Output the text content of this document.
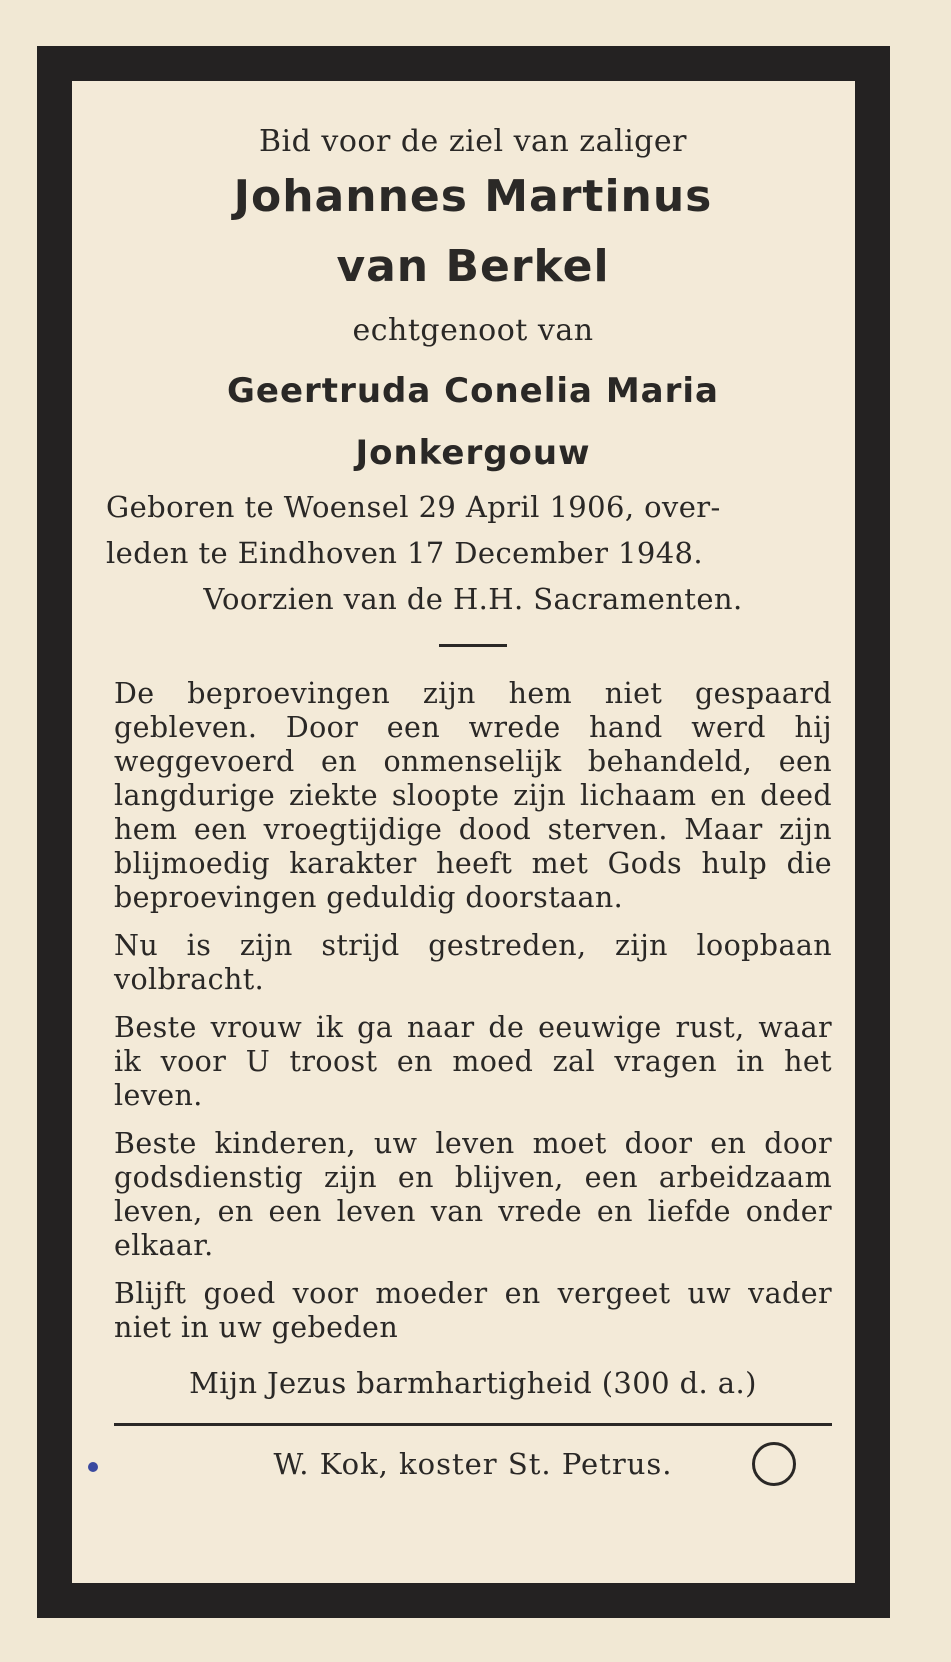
Bid voor de ziel van zaliger

Johannes Martinus

van Berkel

echtgenoot van

Geertruda Conelia Maria

Jonkergouw

Geboren te Woensel 29 April 1906, over-

leden te Eindhoven 17 December 1948.

Voorzien van de H.H. Sacramenten.

De beproevingen zijn hem niet gespaard gebleven. Door een wrede hand werd hij weggevoerd en onmenselijk behandeld, een langdurige ziekte sloopte zijn lichaam en deed hem een vroegtijdige dood sterven. Maar zijn blijmoedig karakter heeft met Gods hulp die beproevingen geduldig doorstaan.

Nu is zijn strijd gestreden, zijn loopbaan volbracht.

Beste vrouw ik ga naar de eeuwige rust, waar ik voor U troost en moed zal vragen in het leven.

Beste kinderen, uw leven moet door en door godsdienstig zijn en blijven, een arbeidzaam leven, en een leven van vrede en liefde onder elkaar.

Blijft goed voor moeder en vergeet uw vader niet in uw gebeden

Mijn Jezus barmhartigheid (300 d. a.)

W. Kok, koster St. Petrus.
